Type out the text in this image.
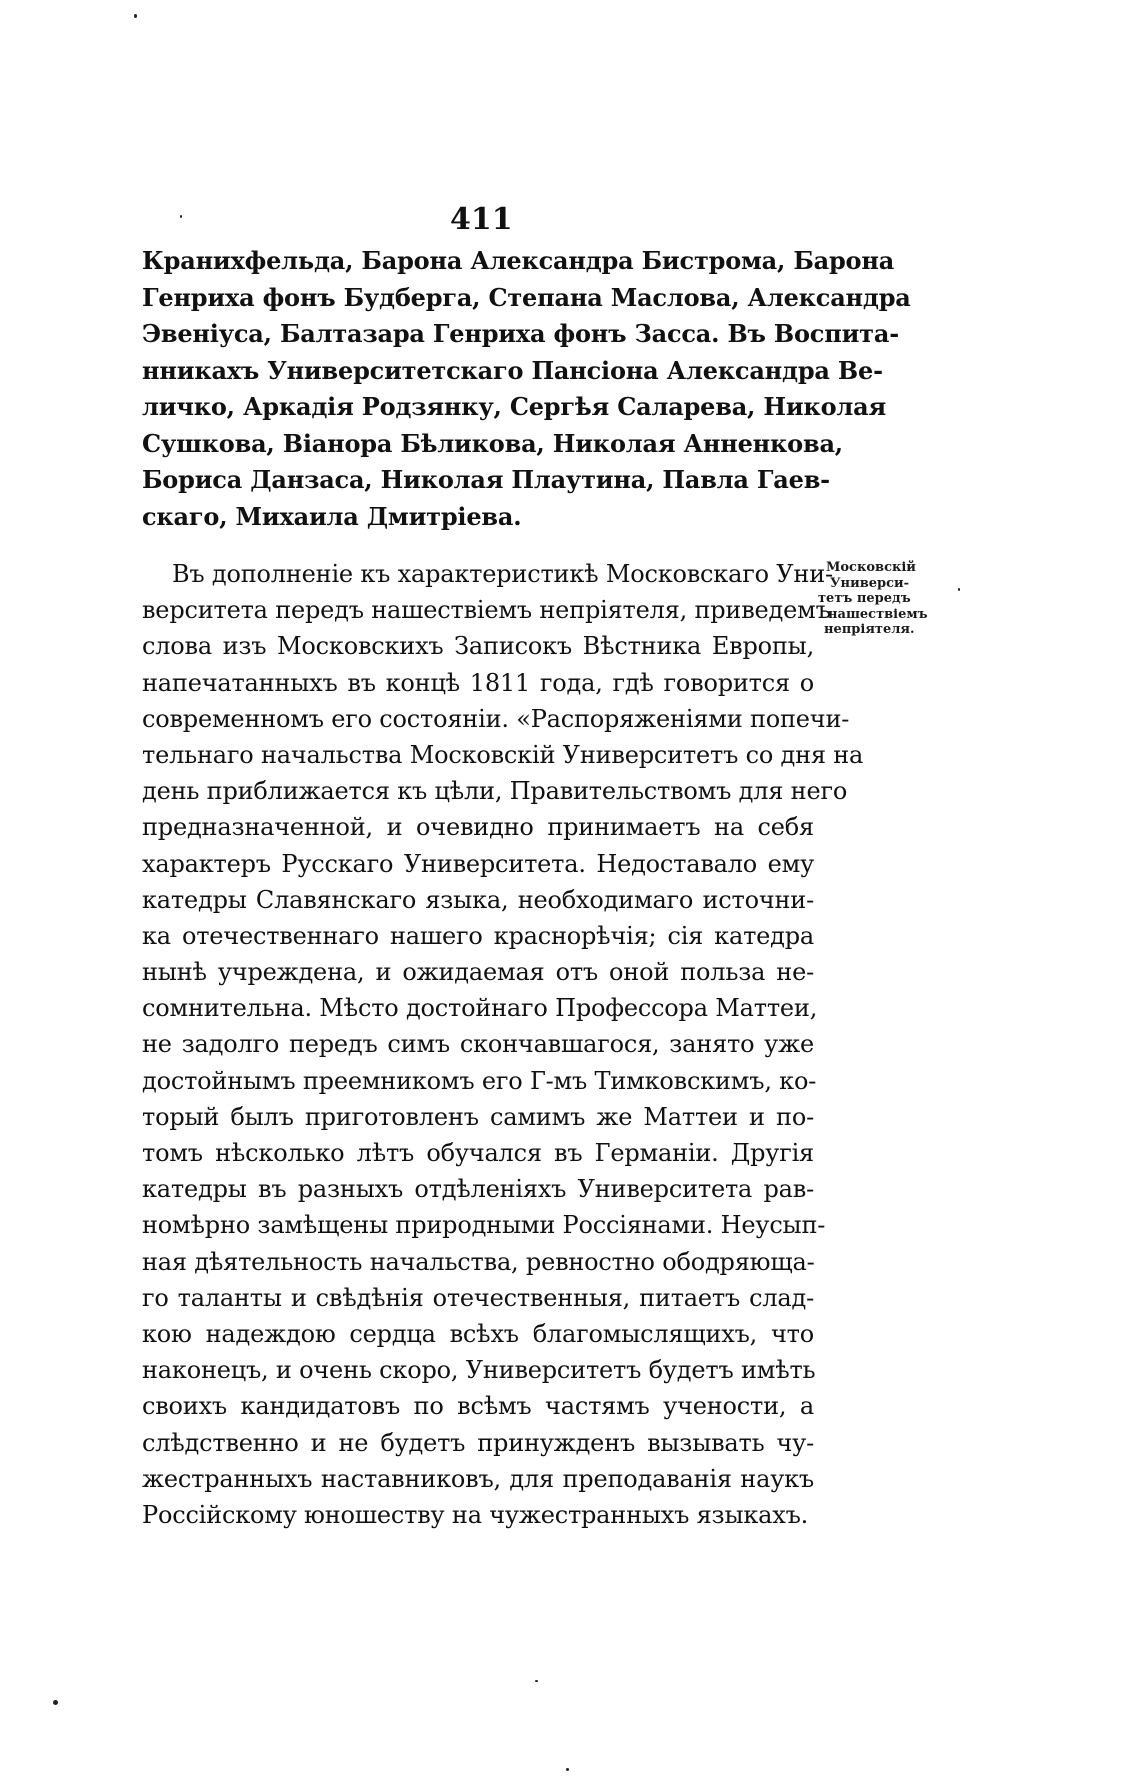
411
Кранихфельда, Барона Александра Бистрома, Барона
Генриха фонъ Будберга, Степана Маслова, Александра
Эвеніуса, Балтазара Генриха фонъ Засса. Въ Воспита-
нникахъ Университетскаго Пансіона Александра Ве-
личко, Аркадія Родзянку, Сергѣя Саларева, Николая
Сушкова, Віанора Бѣликова, Николая Анненкова,
Бориса Данзаса, Николая Плаутина, Павла Гаев-
скаго, Михаила Дмитріева.
Въ дополненіе къ характеристикѣ Московскаго Уни-
верситета передъ нашествіемъ непріятеля, приведемъ
слова изъ Московскихъ Записокъ Вѣстника Европы,
напечатанныхъ въ концѣ 1811 года, гдѣ говорится о
современномъ его состояніи. «Распоряженіями попечи-
тельнаго начальства Московскій Университетъ со дня на
день приближается къ цѣли, Правительствомъ для него
предназначенной, и очевидно принимаетъ на себя
характеръ Русскаго Университета. Недоставало ему
катедры Славянскаго языка, необходимаго источни-
ка отечественнаго нашего краснорѣчія; сія катедра
нынѣ учреждена, и ожидаемая отъ оной польза не-
сомнительна. Мѣсто достойнаго Профессора Маттеи,
не задолго передъ симъ скончавшагося, занято уже
достойнымъ преемникомъ его Г-мъ Тимковскимъ, ко-
торый былъ приготовленъ самимъ же Маттеи и по-
томъ нѣсколько лѣтъ обучался въ Германіи. Другія
катедры въ разныхъ отдѣленіяхъ Университета рав-
номѣрно замѣщены природными Россіянами. Неусып-
ная дѣятельность начальства, ревностно ободряюща-
го таланты и свѣдѣнія отечественныя, питаетъ слад-
кою надеждою сердца всѣхъ благомыслящихъ, что
наконецъ, и очень скоро, Университетъ будетъ имѣть
своихъ кандидатовъ по всѣмъ частямъ учености, а
слѣдственно и не будетъ принужденъ вызывать чу-
жестранныхъ наставниковъ, для преподаванія наукъ
Россійскому юношеству на чужестранныхъ языкахъ.
Московскій
Универси-
тетъ передъ
нашествіемъ
непріятеля.
